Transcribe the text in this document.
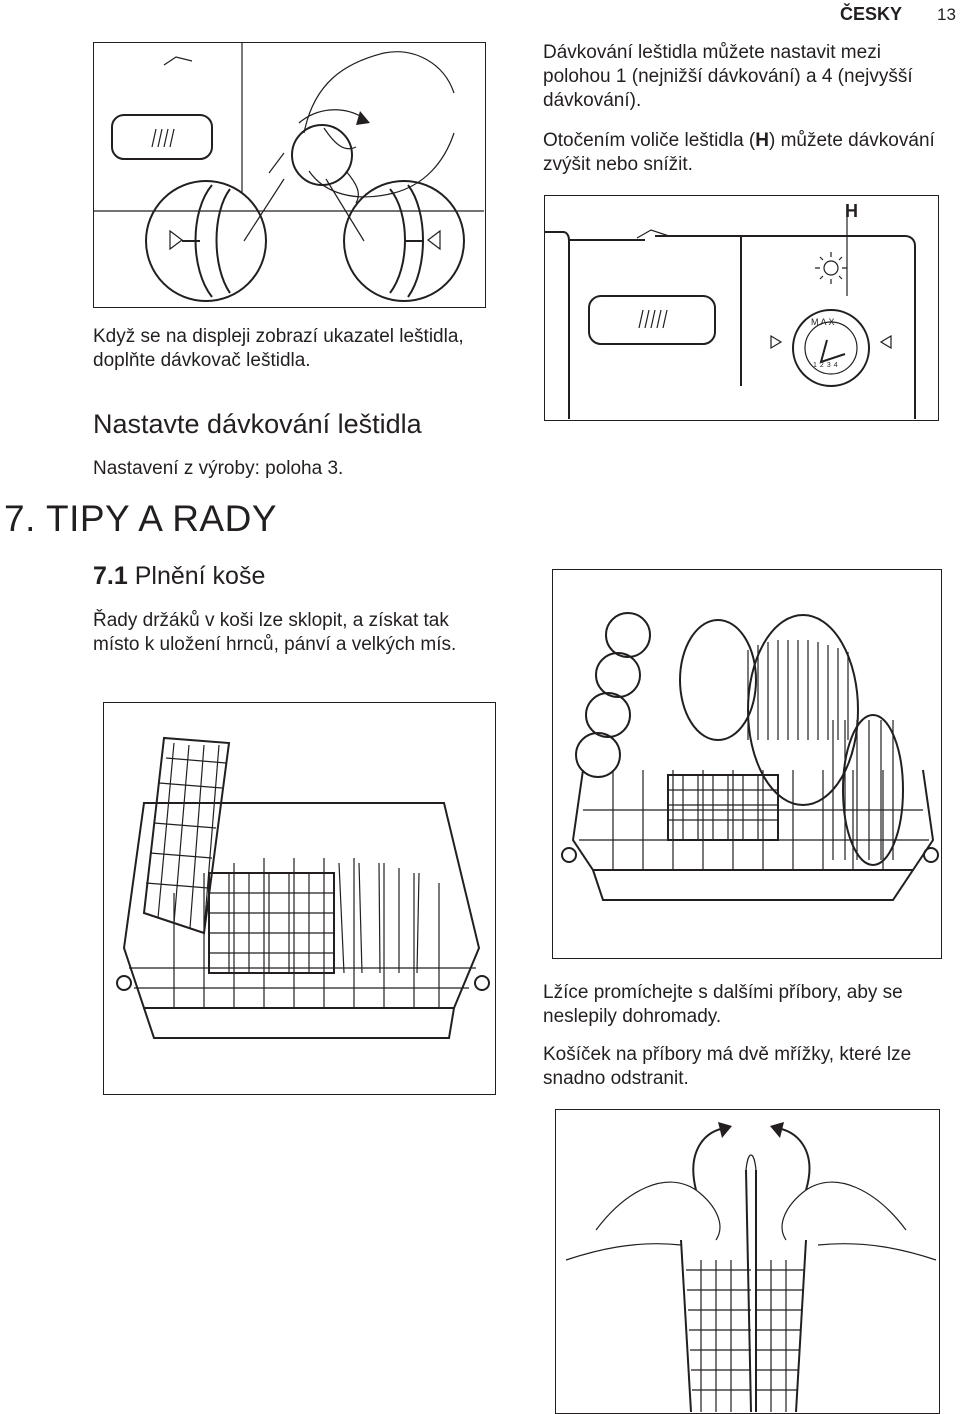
ČESKY 13
Dávkování leštidla můžete nastavit mezi polohou 1 (nejnižší dávkování) a 4 (nejvyšší dávkování).
Otočením voliče leštidla (H) můžete dávkování zvýšit nebo snížit.
H
MAX
1 2 3 4
Když se na displeji zobrazí ukazatel leštidla, doplňte dávkovač leštidla.
Nastavte dávkování leštidla
Nastavení z výroby: poloha 3.
7. TIPY A RADY
7.1 Plnění koše
Řady držáků v koši lze sklopit, a získat tak místo k uložení hrnců, pánví a velkých mís.
Lžíce promíchejte s dalšími příbory, aby se neslepily dohromady.
Košíček na příbory má dvě mřížky, které lze snadno odstranit.
